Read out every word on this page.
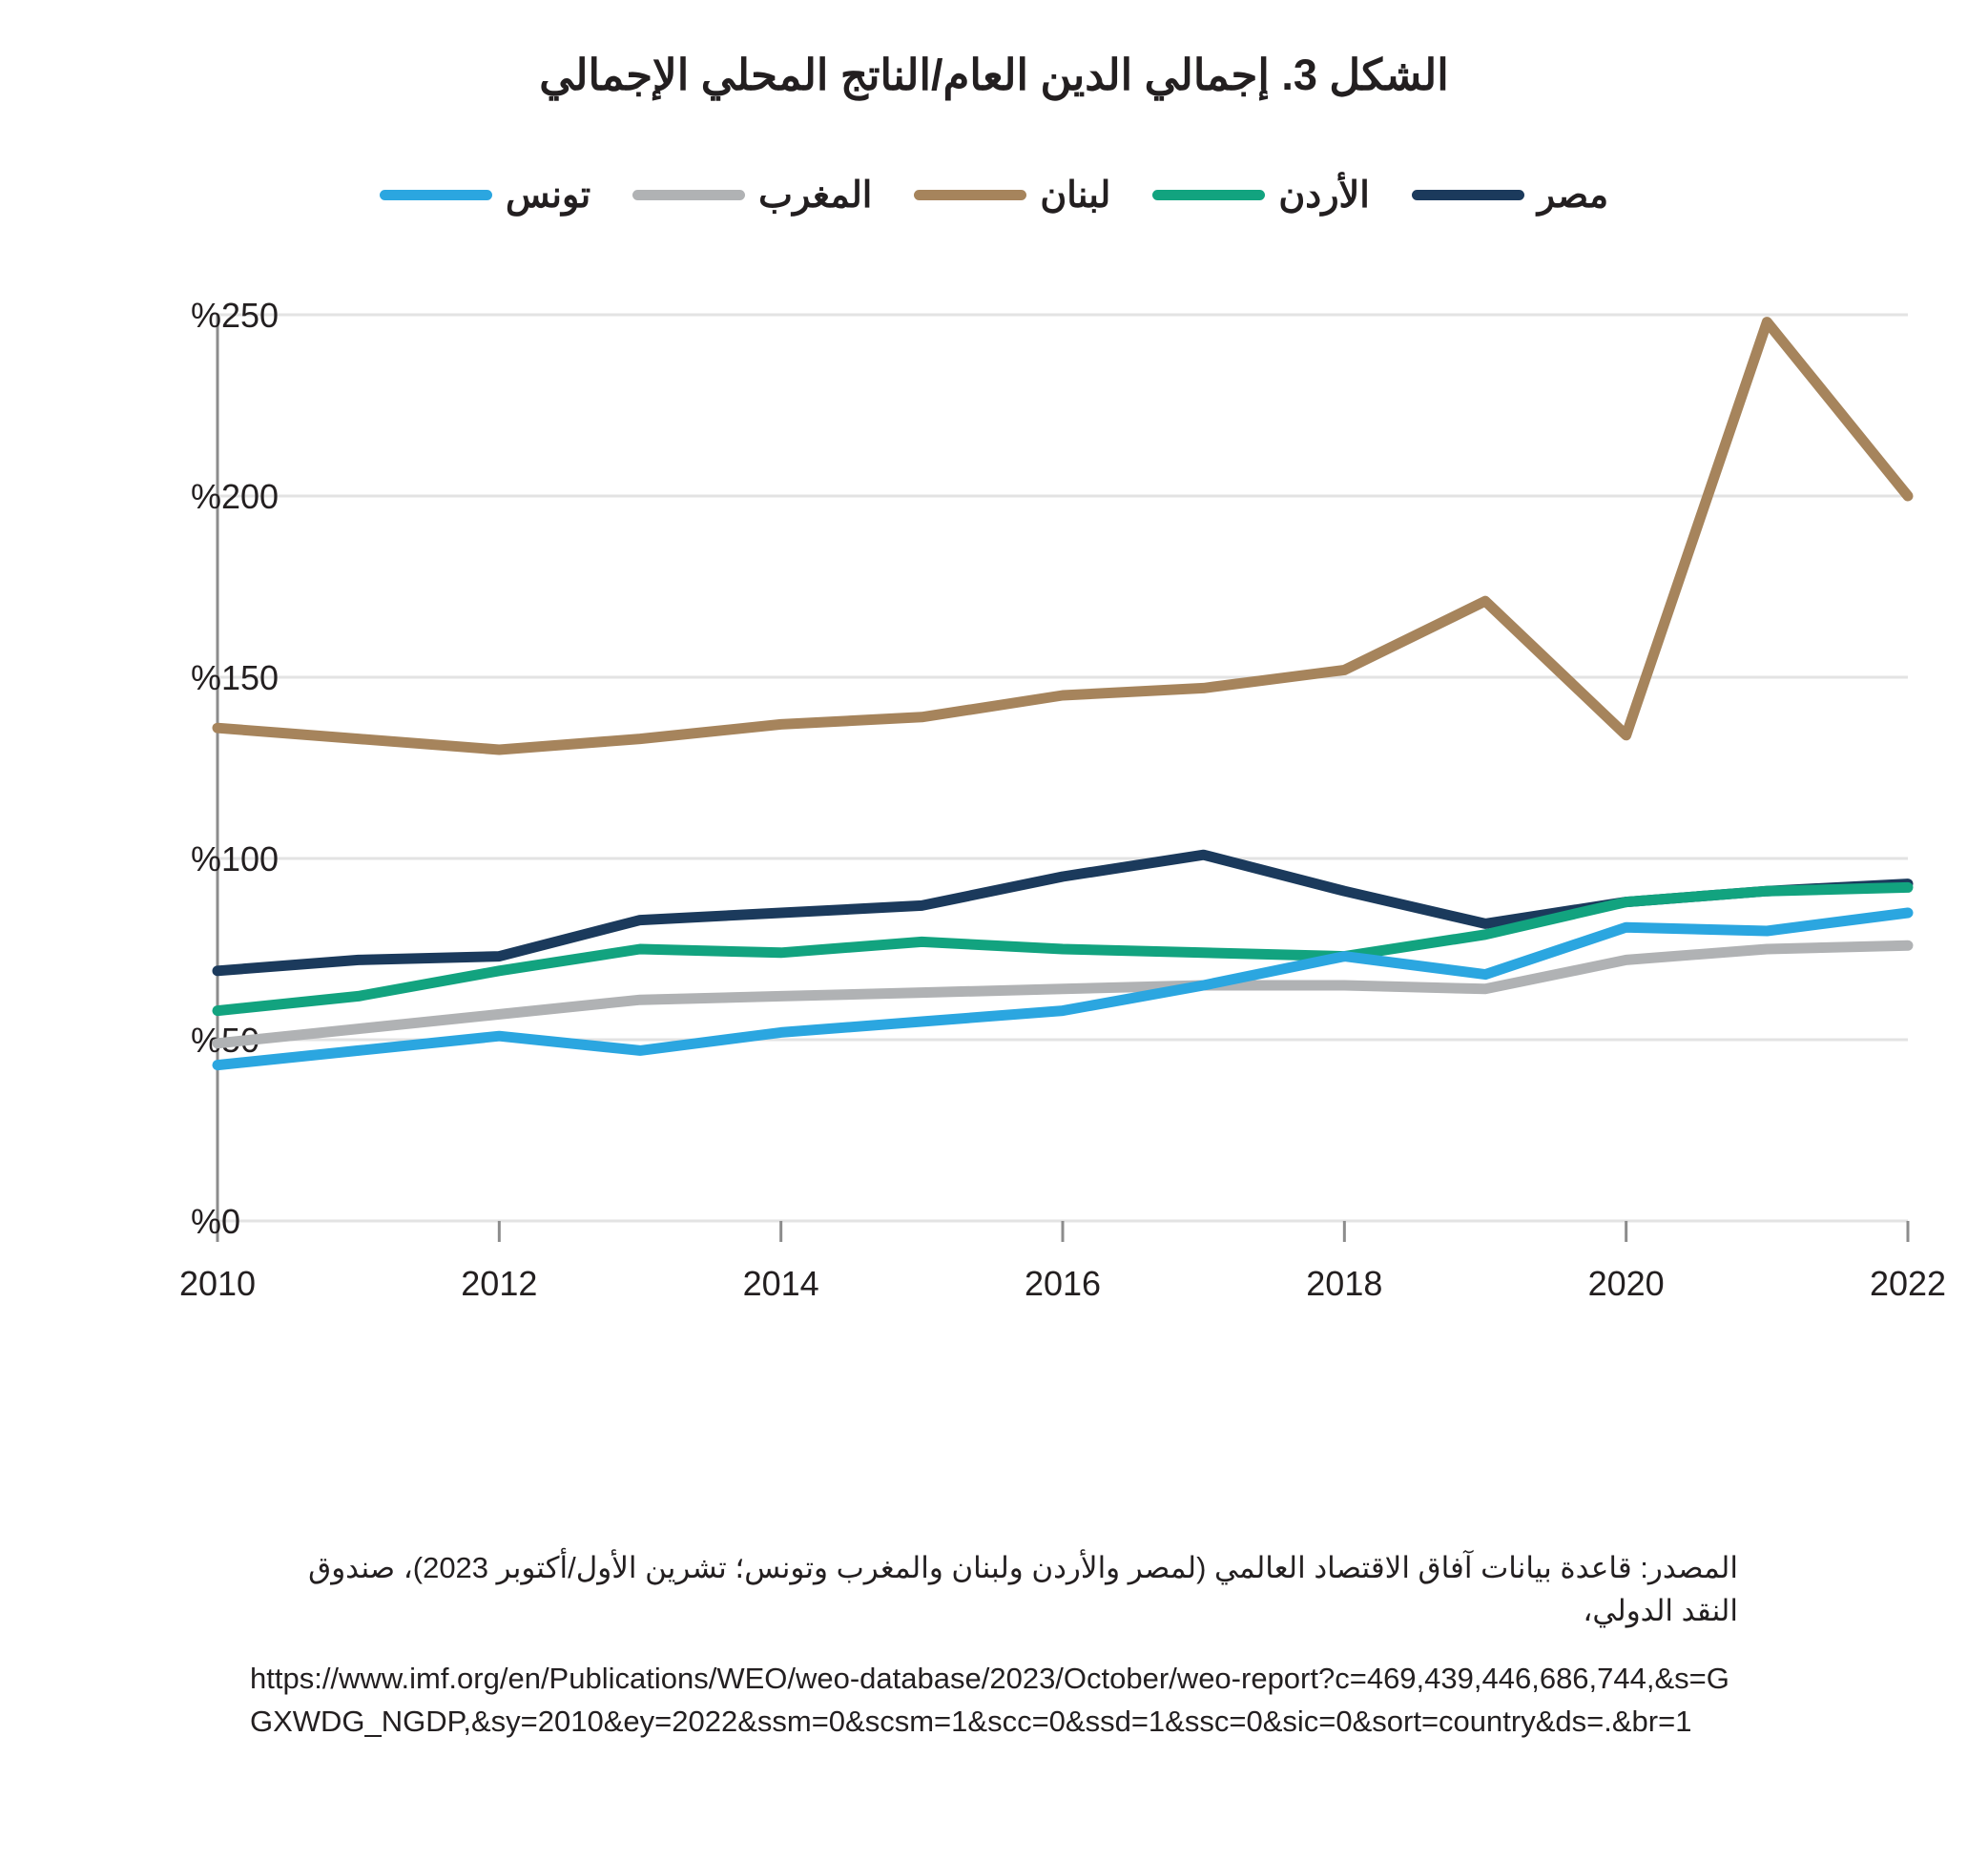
الشكل 3. إجمالي الدين العام/الناتج المحلي الإجمالي
مصر
الأردن
لبنان
المغرب
تونس
%0
%50
%100
%150
%200
%250
2010	2012	2014	2016	2018	2020	2022
المصدر: قاعدة بيانات آفاق الاقتصاد العالمي (لمصر والأردن ولبنان والمغرب وتونس؛ تشرين الأول/أكتوبر 2023)، صندوق النقد الدولي،
https://www.imf.org/en/Publications/WEO/weo-database/2023/October/weo-report?c=469,439,446,686,744,&s=GGXWDG_NGDP,&sy=2010&ey=2022&ssm=0&scsm=1&scc=0&ssd=1&ssc=0&sic=0&sort=country&ds=.&br=1
